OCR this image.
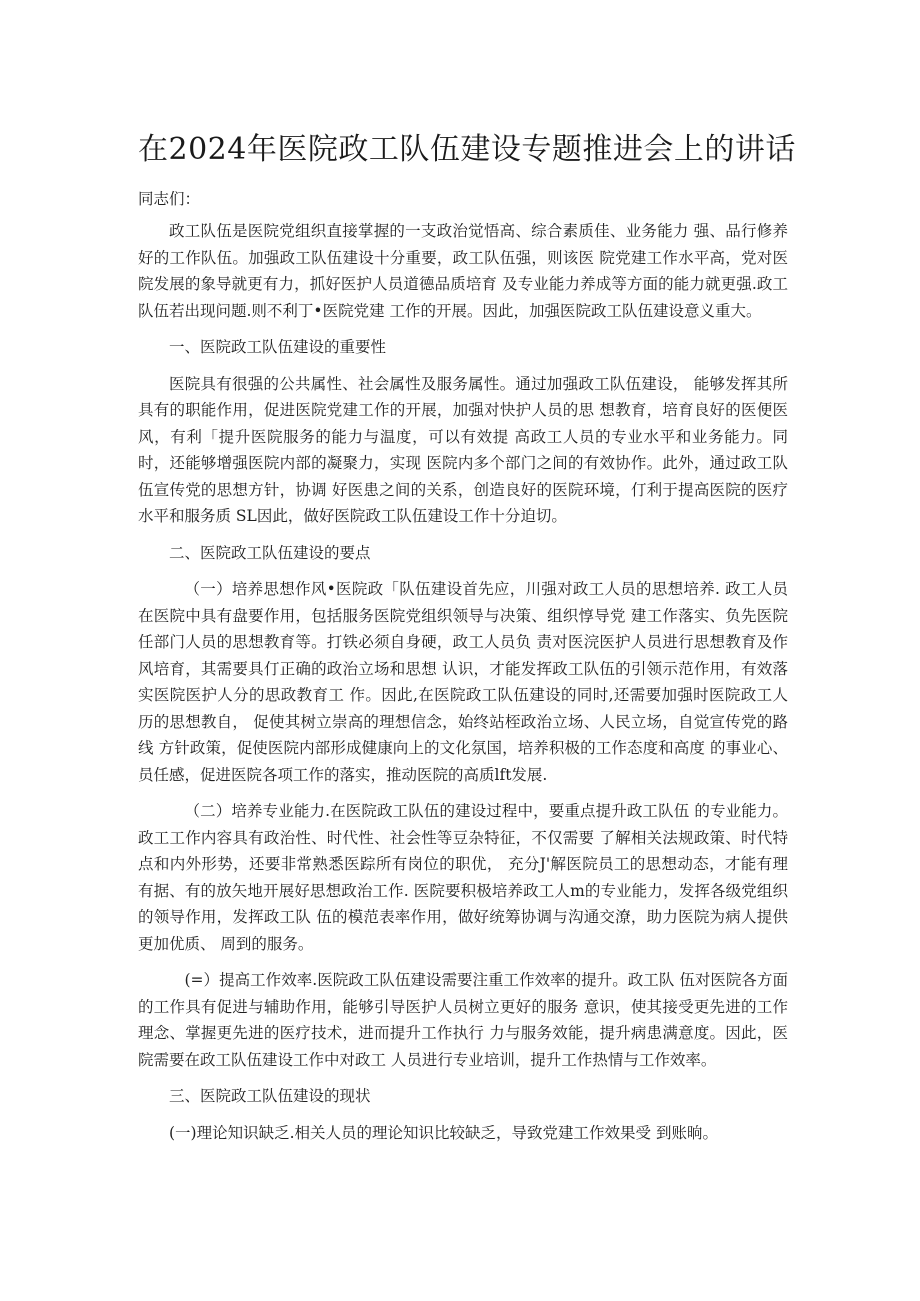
在2024年医院政工队伍建设专题推进会上的讲话
同志们：

政工队伍是医院党组织直接掌握的一支政治觉悟高、综合素质佳、业务能力 强、品行修养好的工作队伍。加强政工队伍建设十分重要，政工队伍强，则该医 院党建工作水平高，党对医院发展的象导就更有力，抓好医护人员道德品质培育 及专业能力养成等方面的能力就更强.政工队伍若出现问题.则不利丁•医院党建 工作的开展。因此，加强医院政工队伍建设意义重大。

一、医院政工队伍建设的重要性

医院具有很强的公共属性、社会属性及服务属性。通过加强政工队伍建设， 能够发挥其所具有的职能作用，促进医院党建工作的开展，加强对快护人员的思 想教育，培育良好的医便医风，有利「提升医院服务的能力与温度，可以有效提 高政工人员的专业水平和业务能力。同时，还能够增强医院内部的凝聚力，实现 医院内多个部门之间的有效协作。此外，通过政工队伍宣传党的思想方针，协调 好医患之间的关系，创造良好的医院环境，仃利于提高医院的医疗水平和服务质 SL因此，做好医院政工队伍建设工作十分迫切。

二、医院政工队伍建设的要点

（一）培养思想作风•医院政「队伍建设首先应，川强对政工人员的思想培养. 政工人员在医院中具有盘要作用，包括服务医院党组织领导与决策、组织惇导党 建工作落实、负先医院任部门人员的思想教育等。打铁必须自身硬，政工人员负 责对医浣医护人员进行思想教育及作风培育，其需要具仃正确的政治立场和思想 认识，才能发挥政工队伍的引领示范作用，有效落实医院医护人分的思政教育工 作。因此,在医院政工队伍建设的同时,还需要加强时医院政工人历的思想教自， 促使其树立崇高的理想信念，始终站桎政治立场、人民立场，自觉宣传党的路线 方针政策，促使医院内部形成健康向上的文化氛国，培养积极的工作态度和高度 的事业心、员任感，促进医院各项工作的落实，推动医院的高质lft发展.

（二）培养专业能力.在医院政工队伍的建设过程中，要重点提升政工队伍 的专业能力。政工工作内容具有政治性、时代性、社会性等豆杂特征，不仅需要 了解相关法规政策、时代特点和内外形势，还要非常熟悉医踪所有岗位的职优， 充分J'解医院员工的思想动态，才能有理有据、有的放矢地开展好思想政治工作. 医院要积极培养政工人m的专业能力，发挥各级党组织的领导作用，发挥政工队 伍的模范表率作用，做好统筹协调与沟通交潦，助力医院为病人提供更加优质、 周到的服务。

(=）提高工作效率.医院政工队伍建设需要注重工作效率的提升。政工队 伍对医院各方面的工作具有促进与辅助作用，能够引导医护人员树立更好的服务 意识，使其接受更先进的工作理念、掌握更先进的医疗技术，进而提升工作执行 力与服务效能，提升病患满意度。因此，医院需要在政工队伍建设工作中对政工 人员进行专业培训，提升工作热情与工作效率。

三、医院政工队伍建设的现状

(一)理论知识缺乏.相关人员的理论知识比较缺乏，导致党建工作效果受 到账晌。
